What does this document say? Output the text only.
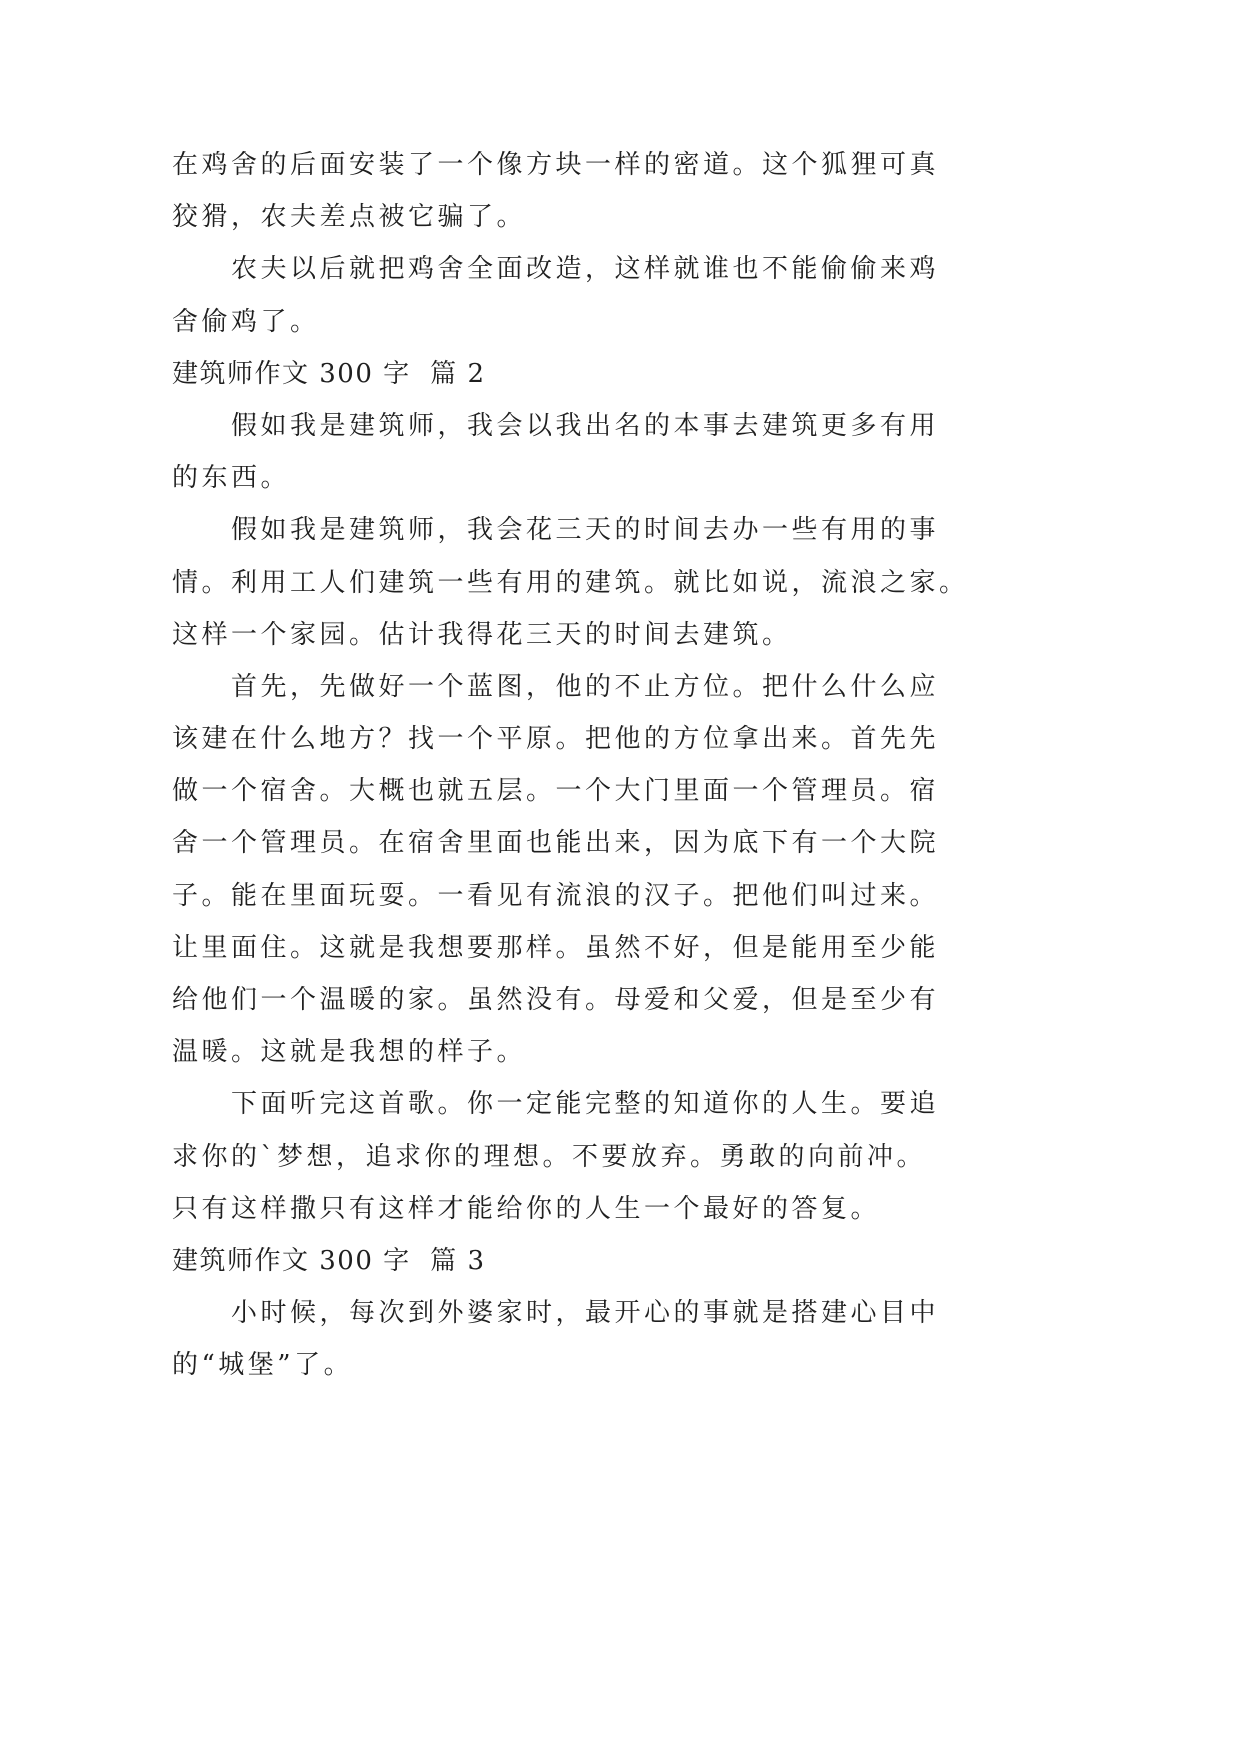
在鸡舍的后面安装了一个像方块一样的密道。这个狐狸可真
狡猾，农夫差点被它骗了。
农夫以后就把鸡舍全面改造，这样就谁也不能偷偷来鸡
舍偷鸡了。
建筑师作文 300 字  篇 2
假如我是建筑师，我会以我出名的本事去建筑更多有用
的东西。
假如我是建筑师，我会花三天的时间去办一些有用的事
情。利用工人们建筑一些有用的建筑。就比如说，流浪之家。
这样一个家园。估计我得花三天的时间去建筑。
首先，先做好一个蓝图，他的不止方位。把什么什么应
该建在什么地方？找一个平原。把他的方位拿出来。首先先
做一个宿舍。大概也就五层。一个大门里面一个管理员。宿
舍一个管理员。在宿舍里面也能出来，因为底下有一个大院
子。能在里面玩耍。一看见有流浪的汉子。把他们叫过来。
让里面住。这就是我想要那样。虽然不好，但是能用至少能
给他们一个温暖的家。虽然没有。母爱和父爱，但是至少有
温暖。这就是我想的样子。
下面听完这首歌。你一定能完整的知道你的人生。要追
求你的`梦想，追求你的理想。不要放弃。勇敢的向前冲。
只有这样撒只有这样才能给你的人生一个最好的答复。
建筑师作文 300 字  篇 3
小时候，每次到外婆家时，最开心的事就是搭建心目中
的“城堡”了。
